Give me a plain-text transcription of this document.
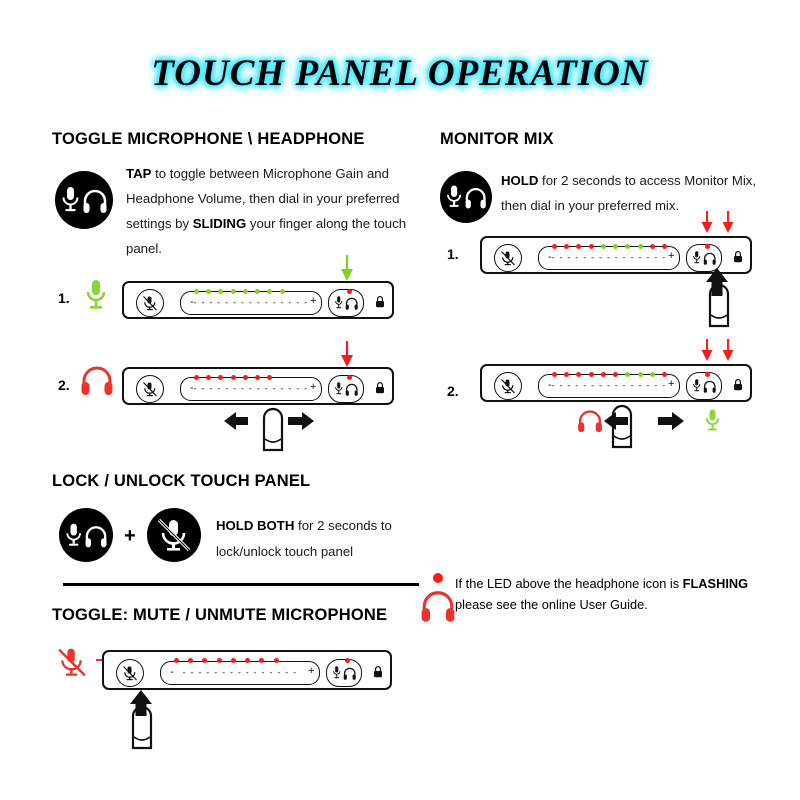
TOUCH PANEL OPERATION
TOGGLE MICROPHONE \ HEADPHONE
TAP to toggle between Microphone Gain and Headphone Volume, then dial in your preferred settings by SLIDING your finger along the touch panel.
MONITOR MIX
HOLD for 2 seconds to access Monitor Mix, then dial in your preferred mix.
1.	- - - - - - - - - - - - - - -
-	+
2.	- - - - - - - - - - - - - - -
-	+
1.	- - - - - - - - - - - - - - -
-	+
2.	- - - - - - - - - - - - - - -
-	+
LOCK / UNLOCK TOUCH PANEL
+	HOLD BOTH for 2 seconds to lock/unlock touch panel
TOGGLE: MUTE / UNMUTE MICROPHONE
- - - - - - - - - - - - - - -
-	+
If the LED above the headphone icon is FLASHING please see the online User Guide.
